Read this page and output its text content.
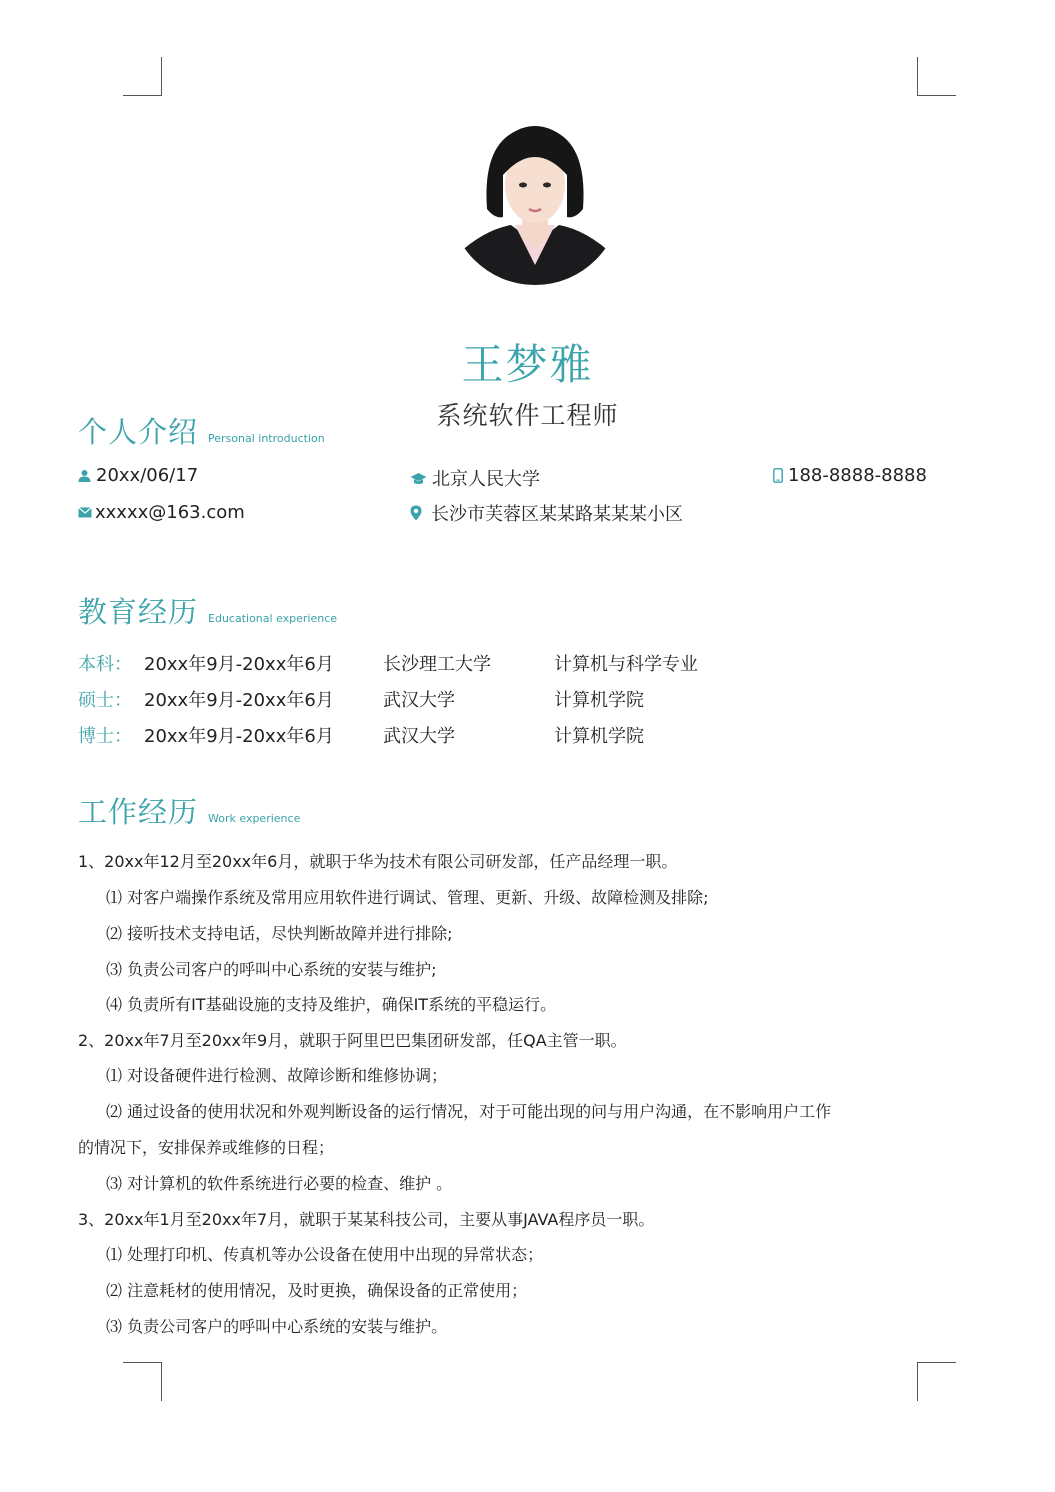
王梦雅
系统软件工程师
个人介绍 Personal introduction
20xx/06/17	北京人民大学	188-8888-8888
xxxxx@163.com	长沙市芙蓉区某某路某某某小区
教育经历 Educational experience
本科： 20xx年9月-20xx年6月	长沙理工大学	计算机与科学专业
硕士： 20xx年9月-20xx年6月	武汉大学	计算机学院
博士： 20xx年9月-20xx年6月	武汉大学	计算机学院
工作经历 Work experience
1、20xx年12月至20xx年6月，就职于华为技术有限公司研发部，任产品经理一职。
⑴ 对客户端操作系统及常用应用软件进行调试、管理、更新、升级、故障检测及排除;
⑵ 接听技术支持电话，尽快判断故障并进行排除;
⑶ 负责公司客户的呼叫中心系统的安装与维护;
⑷ 负责所有IT基础设施的支持及维护，确保IT系统的平稳运行。
2、20xx年7月至20xx年9月，就职于阿里巴巴集团研发部，任QA主管一职。
⑴ 对设备硬件进行检测、故障诊断和维修协调；
⑵ 通过设备的使用状况和外观判断设备的运行情况，对于可能出现的问与用户沟通，在不影响用户工作
的情况下，安排保养或维修的日程；
⑶ 对计算机的软件系统进行必要的检查、维护 。
3、20xx年1月至20xx年7月，就职于某某科技公司，主要从事JAVA程序员一职。
⑴ 处理打印机、传真机等办公设备在使用中出现的异常状态；
⑵ 注意耗材的使用情况，及时更换，确保设备的正常使用；
⑶ 负责公司客户的呼叫中心系统的安装与维护。
